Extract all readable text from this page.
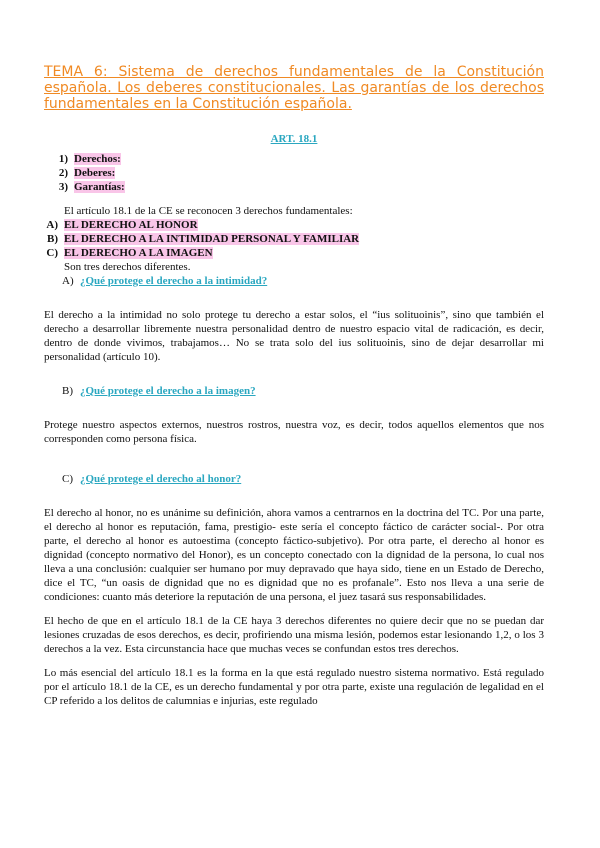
TEMA 6: Sistema de derechos fundamentales de la Constitución española. Los deberes constitucionales. Las garantías de los derechos fundamentales en la Constitución española.

ART. 18.1

1) Derechos:
2) Deberes:
3) Garantías:

El artículo 18.1 de la CE se reconocen 3 derechos fundamentales:

A) EL DERECHO AL HONOR
B) EL DERECHO A LA INTIMIDAD PERSONAL Y FAMILIAR
C) EL DERECHO A LA IMAGEN

Son tres derechos diferentes.

A) ¿Qué protege el derecho a la intimidad?

El derecho a la intimidad no solo protege tu derecho a estar solos, el “ius solituoinis”, sino que también el derecho a desarrollar libremente nuestra personalidad dentro de nuestro espacio vital de radicación, es decir, dentro de donde vivimos, trabajamos… No se trata solo del ius solituoinis, sino de dejar desarrollar mi personalidad (artículo 10).

B) ¿Qué protege el derecho a la imagen?

Protege nuestro aspectos externos, nuestros rostros, nuestra voz, es decir, todos aquellos elementos que nos corresponden como persona física.

C) ¿Qué protege el derecho al honor?

El derecho al honor, no es unánime su definición, ahora vamos a centrarnos en la doctrina del TC. Por una parte, el derecho al honor es reputación, fama, prestigio- este sería el concepto fáctico de carácter social-. Por otra parte, el derecho al honor es autoestima (concepto fáctico-subjetivo). Por otra parte, el derecho al honor es dignidad (concepto normativo del Honor), es un concepto conectado con la dignidad de la persona, lo cual nos lleva a una conclusión: cualquier ser humano por muy depravado que haya sido, tiene en un Estado de Derecho, dice el TC, “un oasis de dignidad que no es dignidad que no es profanale”. Esto nos lleva a una serie de condiciones: cuanto más deteriore la reputación de una persona, el juez tasará sus responsabilidades.

El hecho de que en el artículo 18.1 de la CE haya 3 derechos diferentes no quiere decir que no se puedan dar lesiones cruzadas de esos derechos, es decir, profiriendo una misma lesión, podemos estar lesionando 1,2, o los 3 derechos a la vez. Esta circunstancia hace que muchas veces se confundan estos tres derechos.

Lo más esencial del artículo 18.1 es la forma en la que está regulado nuestro sistema normativo. Está regulado por el artículo 18.1 de la CE, es un derecho fundamental y por otra parte, existe una regulación de legalidad en el CP referido a los delitos de calumnias e injurias, este regulado
